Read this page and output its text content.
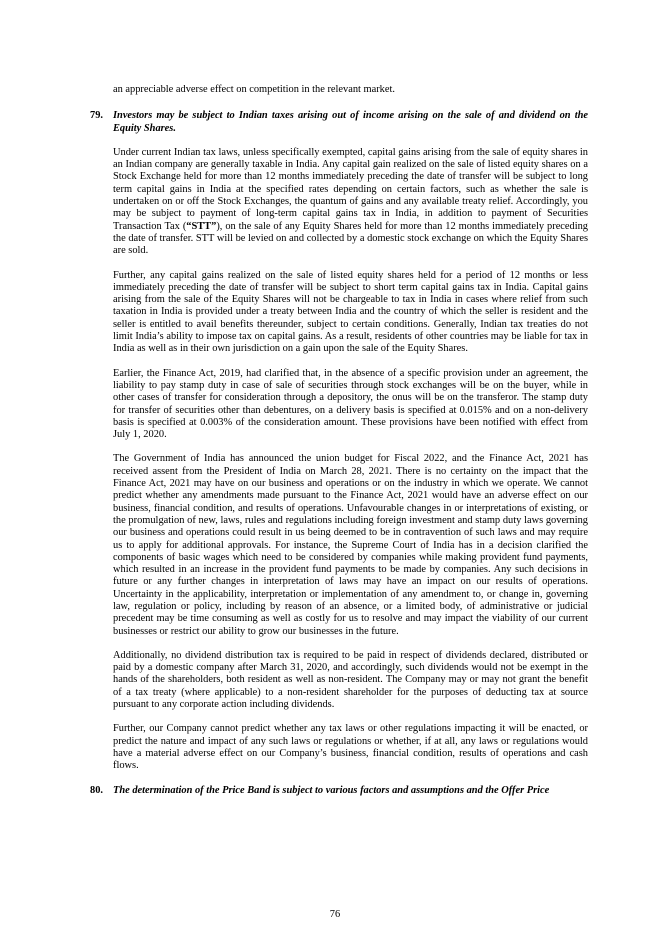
an appreciable adverse effect on competition in the relevant market.

79. Investors may be subject to Indian taxes arising out of income arising on the sale of and dividend on the Equity Shares.

Under current Indian tax laws, unless specifically exempted, capital gains arising from the sale of equity shares in an Indian company are generally taxable in India. Any capital gain realized on the sale of listed equity shares on a Stock Exchange held for more than 12 months immediately preceding the date of transfer will be subject to long term capital gains in India at the specified rates depending on certain factors, such as whether the sale is undertaken on or off the Stock Exchanges, the quantum of gains and any available treaty relief. Accordingly, you may be subject to payment of long-term capital gains tax in India, in addition to payment of Securities Transaction Tax (“STT”), on the sale of any Equity Shares held for more than 12 months immediately preceding the date of transfer. STT will be levied on and collected by a domestic stock exchange on which the Equity Shares are sold.

Further, any capital gains realized on the sale of listed equity shares held for a period of 12 months or less immediately preceding the date of transfer will be subject to short term capital gains tax in India. Capital gains arising from the sale of the Equity Shares will not be chargeable to tax in India in cases where relief from such taxation in India is provided under a treaty between India and the country of which the seller is resident and the seller is entitled to avail benefits thereunder, subject to certain conditions. Generally, Indian tax treaties do not limit India’s ability to impose tax on capital gains. As a result, residents of other countries may be liable for tax in India as well as in their own jurisdiction on a gain upon the sale of the Equity Shares.

Earlier, the Finance Act, 2019, had clarified that, in the absence of a specific provision under an agreement, the liability to pay stamp duty in case of sale of securities through stock exchanges will be on the buyer, while in other cases of transfer for consideration through a depository, the onus will be on the transferor. The stamp duty for transfer of securities other than debentures, on a delivery basis is specified at 0.015% and on a non-delivery basis is specified at 0.003% of the consideration amount. These provisions have been notified with effect from July 1, 2020.

The Government of India has announced the union budget for Fiscal 2022, and the Finance Act, 2021 has received assent from the President of India on March 28, 2021. There is no certainty on the impact that the Finance Act, 2021 may have on our business and operations or on the industry in which we operate. We cannot predict whether any amendments made pursuant to the Finance Act, 2021 would have an adverse effect on our business, financial condition, and results of operations. Unfavourable changes in or interpretations of existing, or the promulgation of new, laws, rules and regulations including foreign investment and stamp duty laws governing our business and operations could result in us being deemed to be in contravention of such laws and may require us to apply for additional approvals. For instance, the Supreme Court of India has in a decision clarified the components of basic wages which need to be considered by companies while making provident fund payments, which resulted in an increase in the provident fund payments to be made by companies. Any such decisions in future or any further changes in interpretation of laws may have an impact on our results of operations. Uncertainty in the applicability, interpretation or implementation of any amendment to, or change in, governing law, regulation or policy, including by reason of an absence, or a limited body, of administrative or judicial precedent may be time consuming as well as costly for us to resolve and may impact the viability of our current businesses or restrict our ability to grow our businesses in the future.

Additionally, no dividend distribution tax is required to be paid in respect of dividends declared, distributed or paid by a domestic company after March 31, 2020, and accordingly, such dividends would not be exempt in the hands of the shareholders, both resident as well as non-resident. The Company may or may not grant the benefit of a tax treaty (where applicable) to a non-resident shareholder for the purposes of deducting tax at source pursuant to any corporate action including dividends.

Further, our Company cannot predict whether any tax laws or other regulations impacting it will be enacted, or predict the nature and impact of any such laws or regulations or whether, if at all, any laws or regulations would have a material adverse effect on our Company’s business, financial condition, results of operations and cash flows.

80. The determination of the Price Band is subject to various factors and assumptions and the Offer Price

76
